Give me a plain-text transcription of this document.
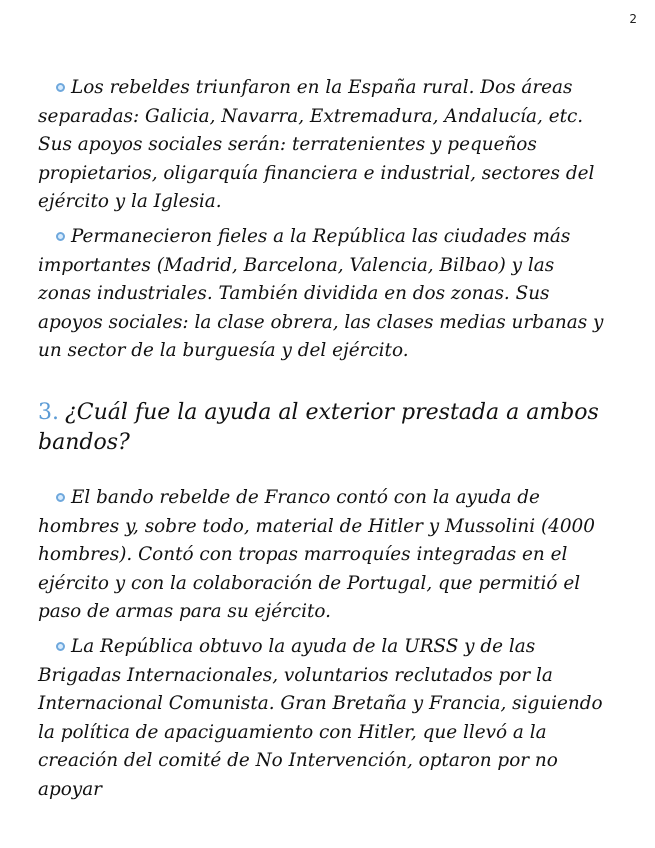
2

Los rebeldes triunfaron en la España rural. Dos áreas separadas: Galicia, Navarra, Extremadura, Andalucía, etc. Sus apoyos sociales serán: terratenientes y pequeños propietarios, oligarquía financiera e industrial, sectores del ejército y la Iglesia.

Permanecieron fieles a la República las ciudades más importantes (Madrid, Barcelona, Valencia, Bilbao) y las zonas industriales. También dividida en dos zonas. Sus apoyos sociales: la clase obrera, las clases medias urbanas y un sector de la burguesía y del ejército.

3. ¿Cuál fue la ayuda al exterior prestada a ambos bandos?

El bando rebelde de Franco contó con la ayuda de hombres y, sobre todo, material de Hitler y Mussolini (4000 hombres). Contó con tropas marroquíes integradas en el ejército y con la colaboración de Portugal, que permitió el paso de armas para su ejército.

La República obtuvo la ayuda de la URSS y de las Brigadas Internacionales, voluntarios reclutados por la Internacional Comunista. Gran Bretaña y Francia, siguiendo la política de apaciguamiento con Hitler, que llevó a la creación del comité de No Intervención, optaron por no apoyar
